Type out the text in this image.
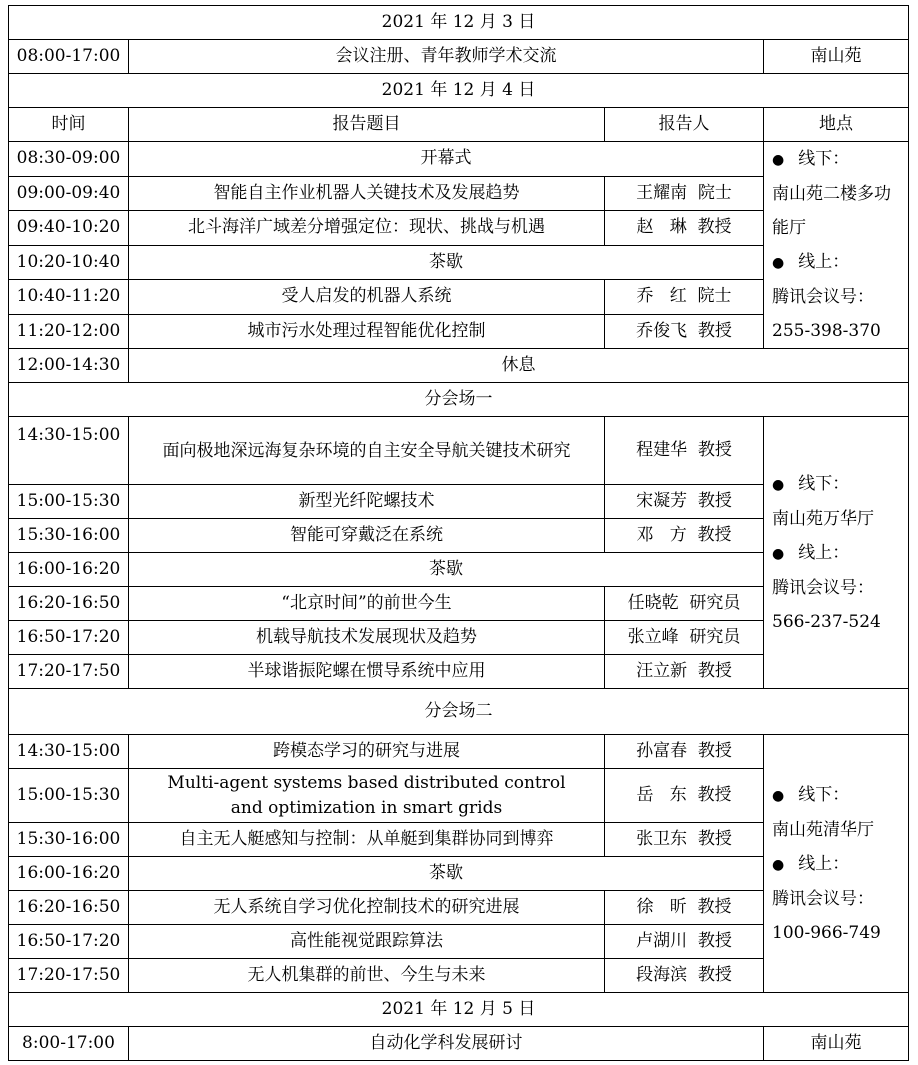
2021 年 12 月 3 日			
08:00-17:00	会议注册、青年教师学术交流		南山苑
2021 年 12 月 4 日			
时间	报告题目	报告人	地点
08:30-09:00	开幕式		● 线下：
南山苑二楼多功能厅
● 线上：
腾讯会议号：
255-398-370

09:00-09:40	智能自主作业机器人关键技术及发展趋势	王耀南  院士	
09:40-10:20	北斗海洋广域差分增强定位：现状、挑战与机遇	赵   琳  教授	
10:20-10:40	茶歇		
10:40-11:20	受人启发的机器人系统	乔   红  院士	
11:20-12:00	城市污水处理过程智能优化控制	乔俊飞  教授	
12:00-14:30	休息		
分会场一			
14:30-15:00	面向极地深远海复杂环境的自主安全导航关键技术研究	程建华  教授	● 线下：
南山苑万华厅
● 线上：
腾讯会议号：
566-237-524

15:00-15:30	新型光纤陀螺技术	宋凝芳  教授	
15:30-16:00	智能可穿戴泛在系统	邓   方  教授	
16:00-16:20	茶歇		
16:20-16:50	“北京时间”的前世今生	任晓乾  研究员	
16:50-17:20	机载导航技术发展现状及趋势	张立峰  研究员	
17:20-17:50	半球谐振陀螺在惯导系统中应用	汪立新  教授	
分会场二			
14:30-15:00	跨模态学习的研究与进展	孙富春  教授	● 线下：
南山苑清华厅
● 线上：
腾讯会议号：
100-966-749

15:00-15:30	Multi-agent systems based distributed control and optimization in smart grids	岳   东  教授	
15:30-16:00	自主无人艇感知与控制：从单艇到集群协同到博弈	张卫东  教授	
16:00-16:20	茶歇		
16:20-16:50	无人系统自学习优化控制技术的研究进展	徐   昕  教授	
16:50-17:20	高性能视觉跟踪算法	卢湖川  教授	
17:20-17:50	无人机集群的前世、今生与未来	段海滨  教授	
2021 年 12 月 5 日			
8:00-17:00	自动化学科发展研讨		南山苑
